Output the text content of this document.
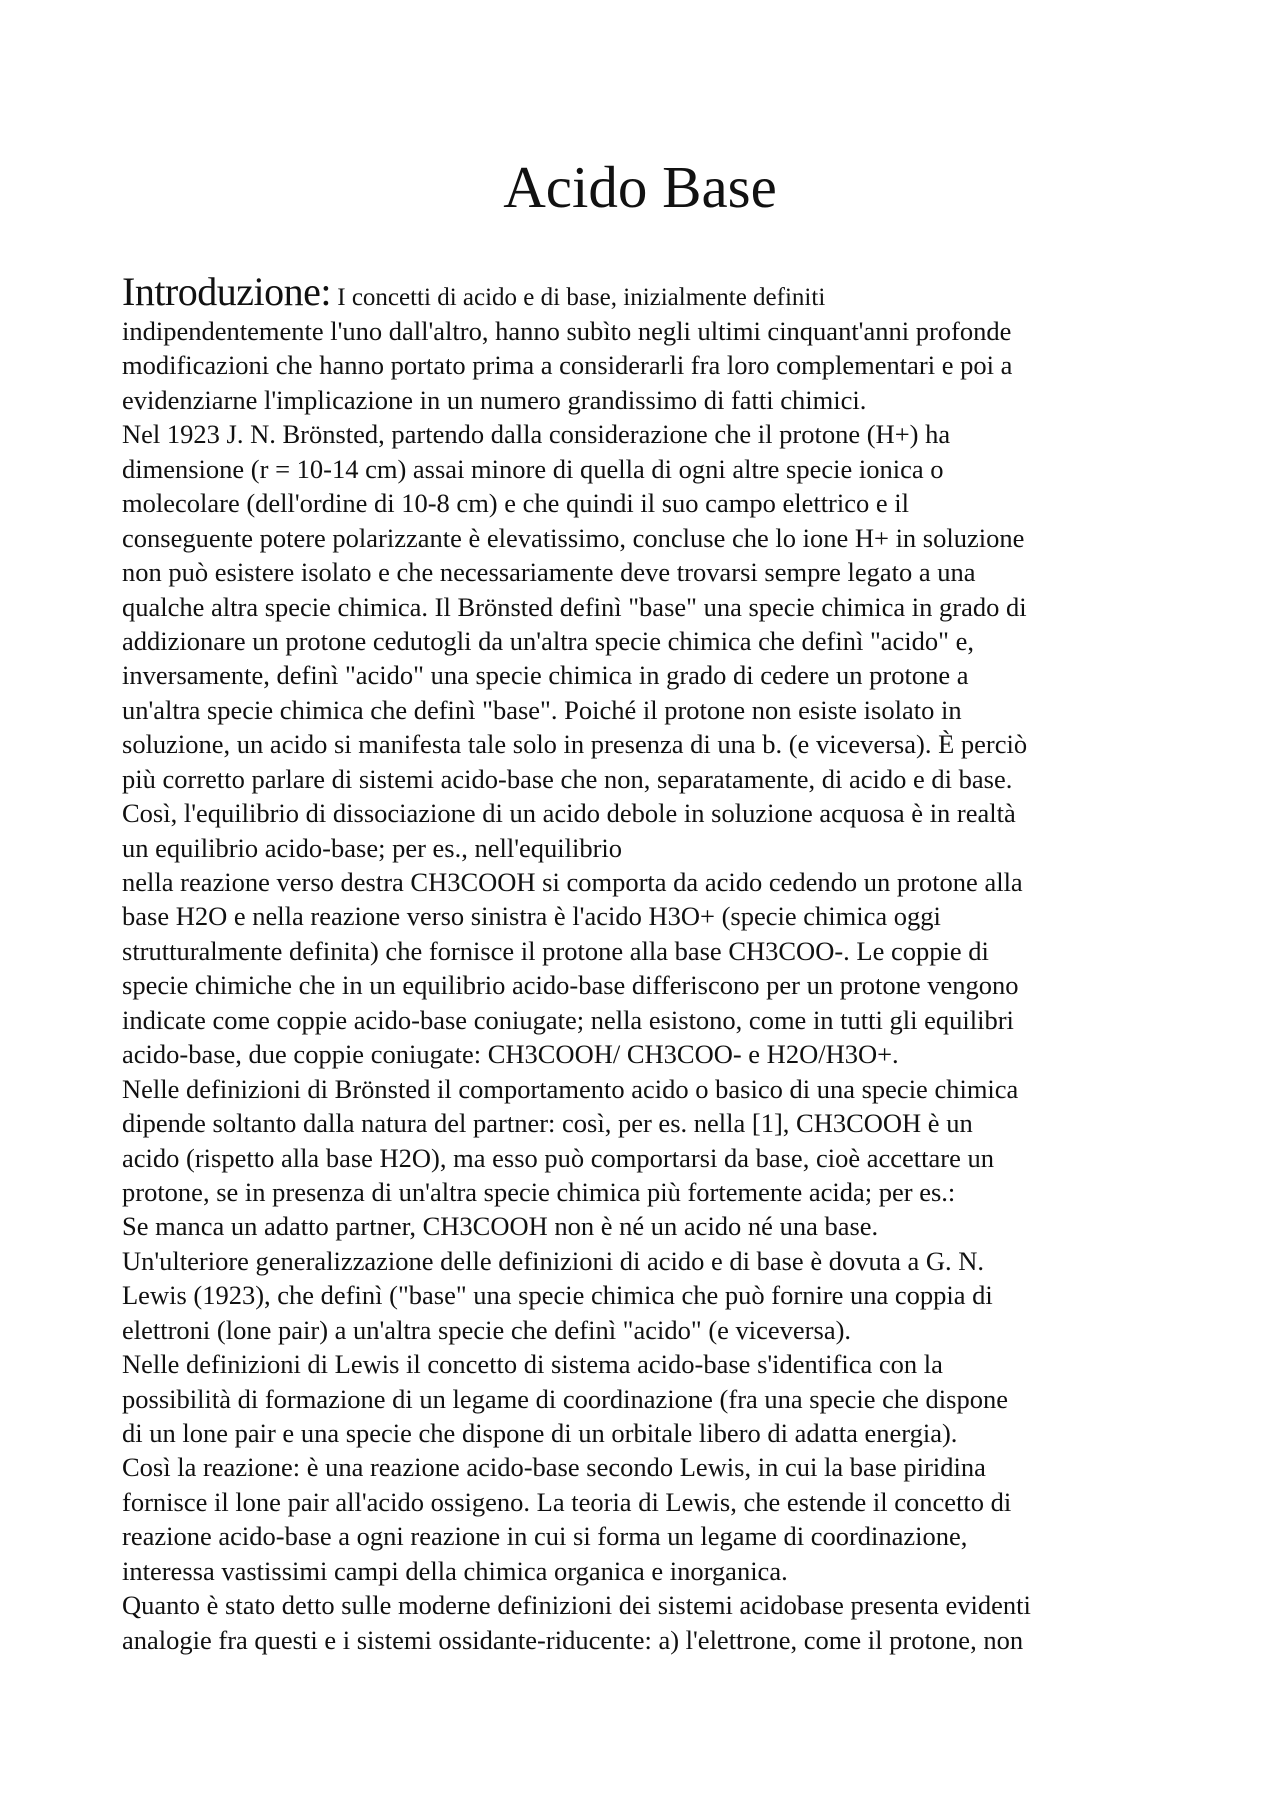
Acido Base
Introduzione: I concetti di acido e di base, inizialmente definiti
indipendentemente l'uno dall'altro, hanno subìto negli ultimi cinquant'anni profonde
modificazioni che hanno portato prima a considerarli fra loro complementari e poi a
evidenziarne l'implicazione in un numero grandissimo di fatti chimici.
Nel 1923 J. N. Brönsted, partendo dalla considerazione che il protone (H+) ha
dimensione (r = 10-14 cm) assai minore di quella di ogni altre specie ionica o
molecolare (dell'ordine di 10-8 cm) e che quindi il suo campo elettrico e il
conseguente potere polarizzante è elevatissimo, concluse che lo ione H+ in soluzione
non può esistere isolato e che necessariamente deve trovarsi sempre legato a una
qualche altra specie chimica. Il Brönsted definì "base" una specie chimica in grado di
addizionare un protone cedutogli da un'altra specie chimica che definì "acido" e,
inversamente, definì "acido" una specie chimica in grado di cedere un protone a
un'altra specie chimica che definì "base". Poiché il protone non esiste isolato in
soluzione, un acido si manifesta tale solo in presenza di una b. (e viceversa). È perciò
più corretto parlare di sistemi acido-base che non, separatamente, di acido e di base.
Così, l'equilibrio di dissociazione di un acido debole in soluzione acquosa è in realtà
un equilibrio acido-base; per es., nell'equilibrio
nella reazione verso destra CH3COOH si comporta da acido cedendo un protone alla
base H2O e nella reazione verso sinistra è l'acido H3O+ (specie chimica oggi
strutturalmente definita) che fornisce il protone alla base CH3COO-. Le coppie di
specie chimiche che in un equilibrio acido-base differiscono per un protone vengono
indicate come coppie acido-base coniugate; nella esistono, come in tutti gli equilibri
acido-base, due coppie coniugate: CH3COOH/ CH3COO- e H2O/H3O+.
Nelle definizioni di Brönsted il comportamento acido o basico di una specie chimica
dipende soltanto dalla natura del partner: così, per es. nella [1], CH3COOH è un
acido (rispetto alla base H2O), ma esso può comportarsi da base, cioè accettare un
protone, se in presenza di un'altra specie chimica più fortemente acida; per es.:
Se manca un adatto partner, CH3COOH non è né un acido né una base.
Un'ulteriore generalizzazione delle definizioni di acido e di base è dovuta a G. N.
Lewis (1923), che definì ("base" una specie chimica che può fornire una coppia di
elettroni (lone pair) a un'altra specie che definì "acido" (e viceversa).
Nelle definizioni di Lewis il concetto di sistema acido-base s'identifica con la
possibilità di formazione di un legame di coordinazione (fra una specie che dispone
di un lone pair e una specie che dispone di un orbitale libero di adatta energia).
Così la reazione: è una reazione acido-base secondo Lewis, in cui la base piridina
fornisce il lone pair all'acido ossigeno. La teoria di Lewis, che estende il concetto di
reazione acido-base a ogni reazione in cui si forma un legame di coordinazione,
interessa vastissimi campi della chimica organica e inorganica.
Quanto è stato detto sulle moderne definizioni dei sistemi acidobase presenta evidenti
analogie fra questi e i sistemi ossidante-riducente: a) l'elettrone, come il protone, non
